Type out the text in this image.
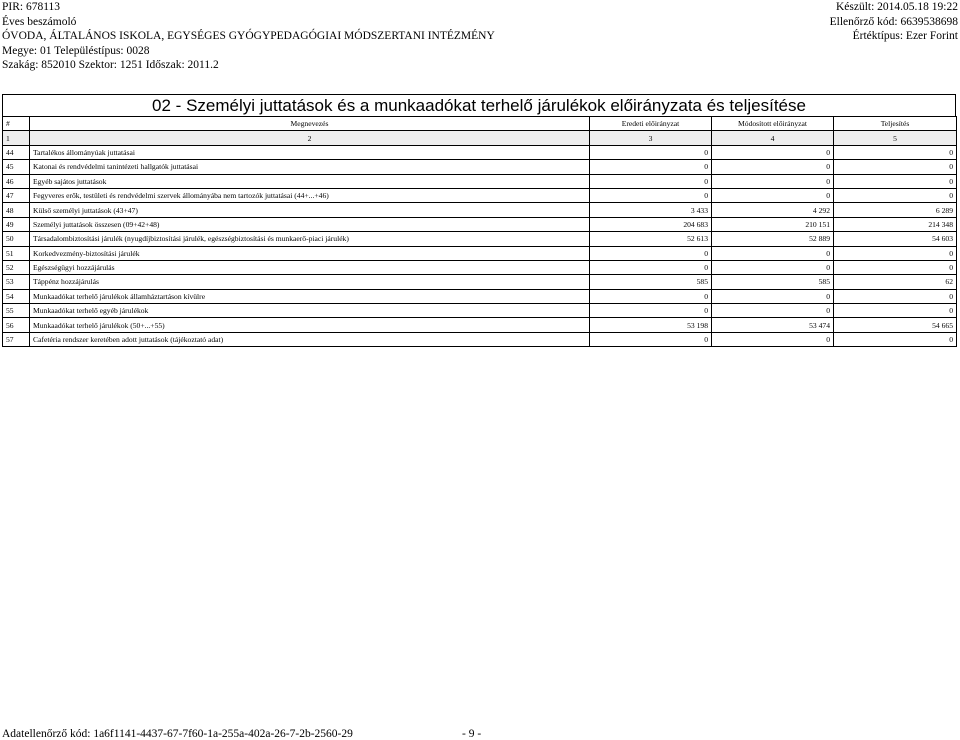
PIR: 678113
Éves beszámoló
ÓVODA, ÁLTALÁNOS ISKOLA, EGYSÉGES GYÓGYPEDAGÓGIAI MÓDSZERTANI INTÉZMÉNY
Megye: 01 Településtípus: 0028
Szakág: 852010 Szektor: 1251 Időszak: 2011.2
Készült: 2014.05.18 19:22
Ellenőrző kód: 6639538698
Értéktípus: Ezer Forint
02 - Személyi juttatások és a munkaadókat terhelő járulékok előirányzata és teljesítése
#	Megnevezés	Eredeti előirányzat	Módosított előirányzat	Teljesítés
1	2	3	4	5
44	Tartalékos állományúak juttatásai	0	0	0
45	Katonai és rendvédelmi tanintézeti hallgatók juttatásai	0	0	0
46	Egyéb sajátos juttatások	0	0	0
47	Fegyveres erők, testületi és rendvédelmi szervek állományába nem tartozók juttatásai (44+...+46)	0	0	0
48	Külső személyi juttatások (43+47)	3 433	4 292	6 289
49	Személyi juttatások összesen (09+42+48)	204 683	210 151	214 348
50	Társadalombiztosítási járulék (nyugdíjbiztosítási járulék, egészségbiztosítási és munkaerő-piaci járulék)	52 613	52 889	54 603
51	Korkedvezmény-biztosítási járulék	0	0	0
52	Egészségügyi hozzájárulás	0	0	0
53	Táppénz hozzájárulás	585	585	62
54	Munkaadókat terhelő járulékok államháztartáson kívülre	0	0	0
55	Munkaadókat terhelő egyéb járulékok	0	0	0
56	Munkaadókat terhelő járulékok (50+...+55)	53 198	53 474	54 665
57	Cafetéria rendszer keretében adott juttatások (tájékoztató adat)	0	0	0
Adatellenőrző kód: 1a6f1141-4437-67-7f60-1a-255a-402a-26-7-2b-2560-29	- 9 -
